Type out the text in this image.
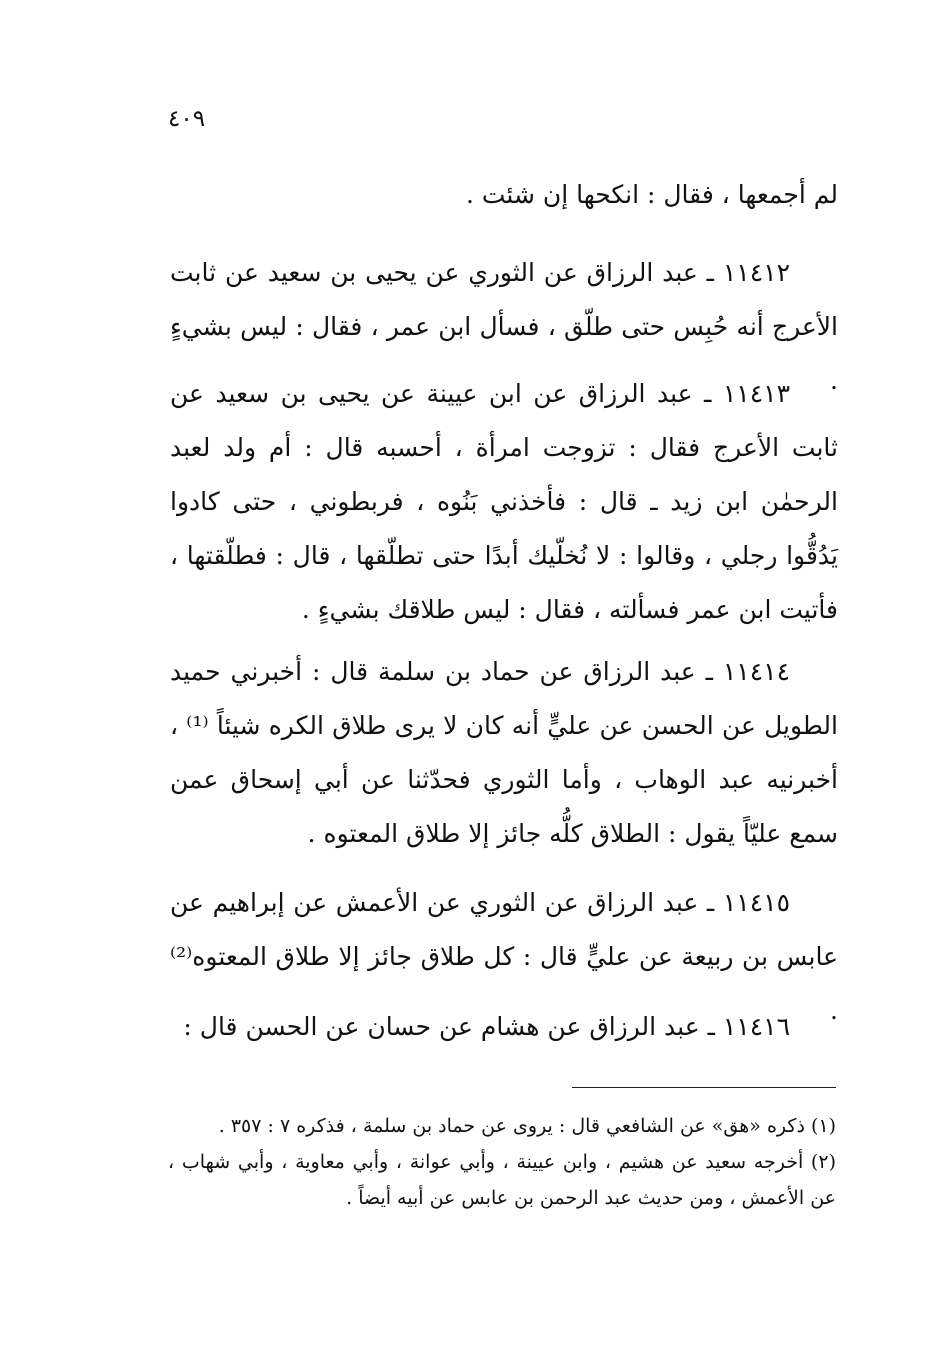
٤٠٩

لم أجمعها ، فقال : انكحها إن شئت .

١١٤١٢ ـ عبد الرزاق عن الثوري عن يحيى بن سعيد عن ثابت الأعرج أنه حُبِس حتى طلّق ، فسأل ابن عمر ، فقال : ليس بشيءٍ .

١١٤١٣ ـ عبد الرزاق عن ابن عيينة عن يحيى بن سعيد عن ثابت الأعرج فقال : تزوجت امرأة ، أحسبه قال : أم ولد لعبد الرحمٰن ابن زيد ـ قال : فأخذني بَنُوه ، فربطوني ، حتى كادوا يَدُقُّوا رجلي ، وقالوا : لا نُخلّيك أبدًا حتى تطلّقها ، قال : فطلّقتها ، فأتيت ابن عمر فسألته ، فقال : ليس طلاقك بشيءٍ .

١١٤١٤ ـ عبد الرزاق عن حماد بن سلمة قال : أخبرني حميد الطويل عن الحسن عن عليٍّ أنه كان لا يرى طلاق الكره شيئاً ⁽¹⁾ ، أخبرنيه عبد الوهاب ، وأما الثوري فحدّثنا عن أبي إسحاق عمن سمع عليّاً يقول : الطلاق كلُّه جائز إلا طلاق المعتوه .

١١٤١٥ ـ عبد الرزاق عن الثوري عن الأعمش عن إبراهيم عن عابس بن ربيعة عن عليٍّ قال : كل طلاق جائز إلا طلاق المعتوه⁽²⁾ .

١١٤١٦ ـ عبد الرزاق عن هشام عن حسان عن الحسن قال :

(١) ذكره «هق» عن الشافعي قال : يروى عن حماد بن سلمة ، فذكره ٧ : ٣٥٧ .

(٢) أخرجه سعيد عن هشيم ، وابن عيينة ، وأبي عوانة ، وأبي معاوية ، وأبي شهاب ، عن الأعمش ، ومن حديث عبد الرحمن بن عابس عن أبيه أيضاً .
